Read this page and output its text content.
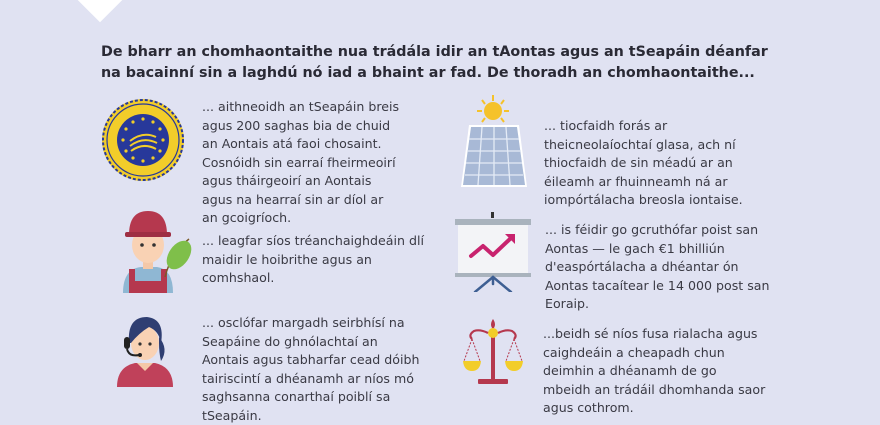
De bharr an chomhaontaithe nua trádála idir an tAontas agus an tSeapáin déanfar na bacainní sin a laghdú nó iad a bhaint ar fad. De thoradh an chomhaontaithe...

... aithneoidh an tSeapáin breis agus 200 saghas bia de chuid an Aontais atá faoi chosaint. Cosnóidh sin earraí fheirmeoirí agus tháirgeoirí an Aontais agus na hearraí sin ar díol ar an gcoigríoch.

... tiocfaidh forás ar theicneolaíochtaí glasa, ach ní thiocfaidh de sin méadú ar an éileamh ar fhuinneamh ná ar iompórtálacha breosla iontaise.

... leagfar síos tréanchaighdeáin dlí maidir le hoibrithe agus an comhshaol.

... is féidir go gcruthófar poist san Aontas — le gach €1 bhilliún d'easpórtálacha a dhéantar ón Aontas tacaítear le 14 000 post san Eoraip.

... osclófar margadh seirbhísí na Seapáine do ghnólachtaí an Aontais agus tabharfar cead dóibh tairiscintí a dhéanamh ar níos mó saghsanna conarthaí poiblí sa tSeapáin.

...beidh sé níos fusa rialacha agus caighdeáin a cheapadh chun deimhin a dhéanamh de go mbeidh an trádáil dhomhanda saor agus cothrom.
